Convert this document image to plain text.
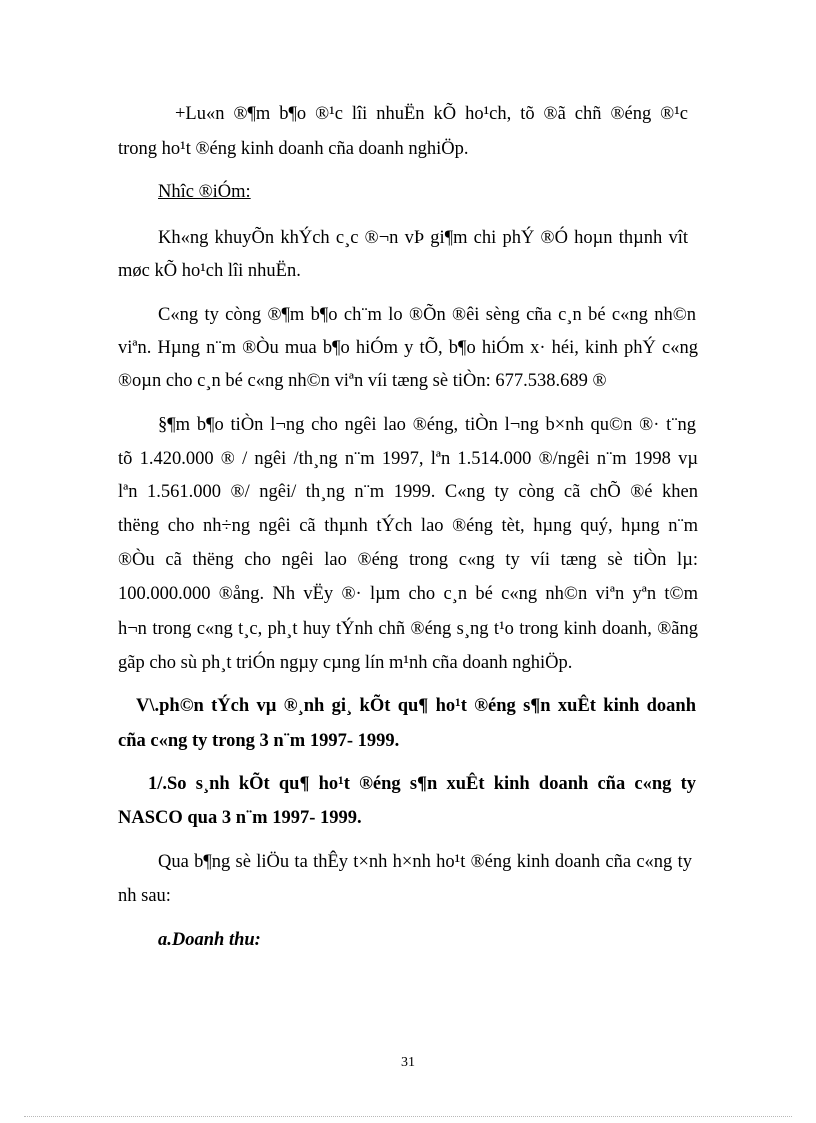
+Lu«n ®¶m b¶o ®¹c lîi nhuËn kÕ ho¹ch, tõ ®ã chñ ®éng ®¹c
trong ho¹t ®éng kinh doanh cña doanh nghiÖp.
Nhîc ®iÓm:
Kh«ng khuyÕn khÝch c¸c ®¬n vÞ gi¶m chi phÝ ®Ó hoµn thµnh vît
møc kÕ ho¹ch lîi nhuËn.
C«ng ty còng ®¶m b¶o ch¨m lo ®Õn ®êi sèng cña c¸n bé c«ng nh©n
viªn. Hµng n¨m ®Òu mua b¶o hiÓm y tÕ, b¶o hiÓm x· héi, kinh phÝ c«ng
®oµn cho c¸n bé c«ng nh©n viªn víi tæng sè tiÒn: 677.538.689 ®
§¶m b¶o tiÒn l¬ng cho ngêi lao ®éng, tiÒn l¬ng b×nh qu©n ®· t¨ng
tõ 1.420.000 ® / ngêi /th¸ng n¨m 1997, lªn 1.514.000 ®/ngêi n¨m 1998 vµ
lªn 1.561.000 ®/ ngêi/ th¸ng n¨m 1999. C«ng ty còng cã chÕ ®é khen
thëng cho nh÷ng ngêi cã thµnh tÝch lao ®éng tèt, hµng quý, hµng n¨m
®Òu cã thëng cho ngêi lao ®éng trong c«ng ty víi tæng sè tiÒn lµ:
100.000.000 ®ång. Nh vËy ®· lµm cho c¸n bé c«ng nh©n viªn yªn t©m
h¬n trong c«ng t¸c, ph¸t huy tÝnh chñ ®éng s¸ng t¹o trong kinh doanh, ®ãng
gãp cho sù ph¸t triÓn ngµy cµng lín m¹nh cña doanh nghiÖp.
V\.ph©n tÝch vµ ®¸nh gi¸ kÕt qu¶ ho¹t ®éng s¶n xuÊt kinh doanh
cña c«ng ty trong 3 n¨m 1997- 1999.
1/.So s¸nh kÕt qu¶ ho¹t ®éng s¶n xuÊt kinh doanh cña c«ng ty
NASCO qua 3 n¨m 1997- 1999.
Qua b¶ng sè liÖu ta thÊy t×nh h×nh ho¹t ®éng kinh doanh cña c«ng ty
nh sau:
a.Doanh thu:
31
